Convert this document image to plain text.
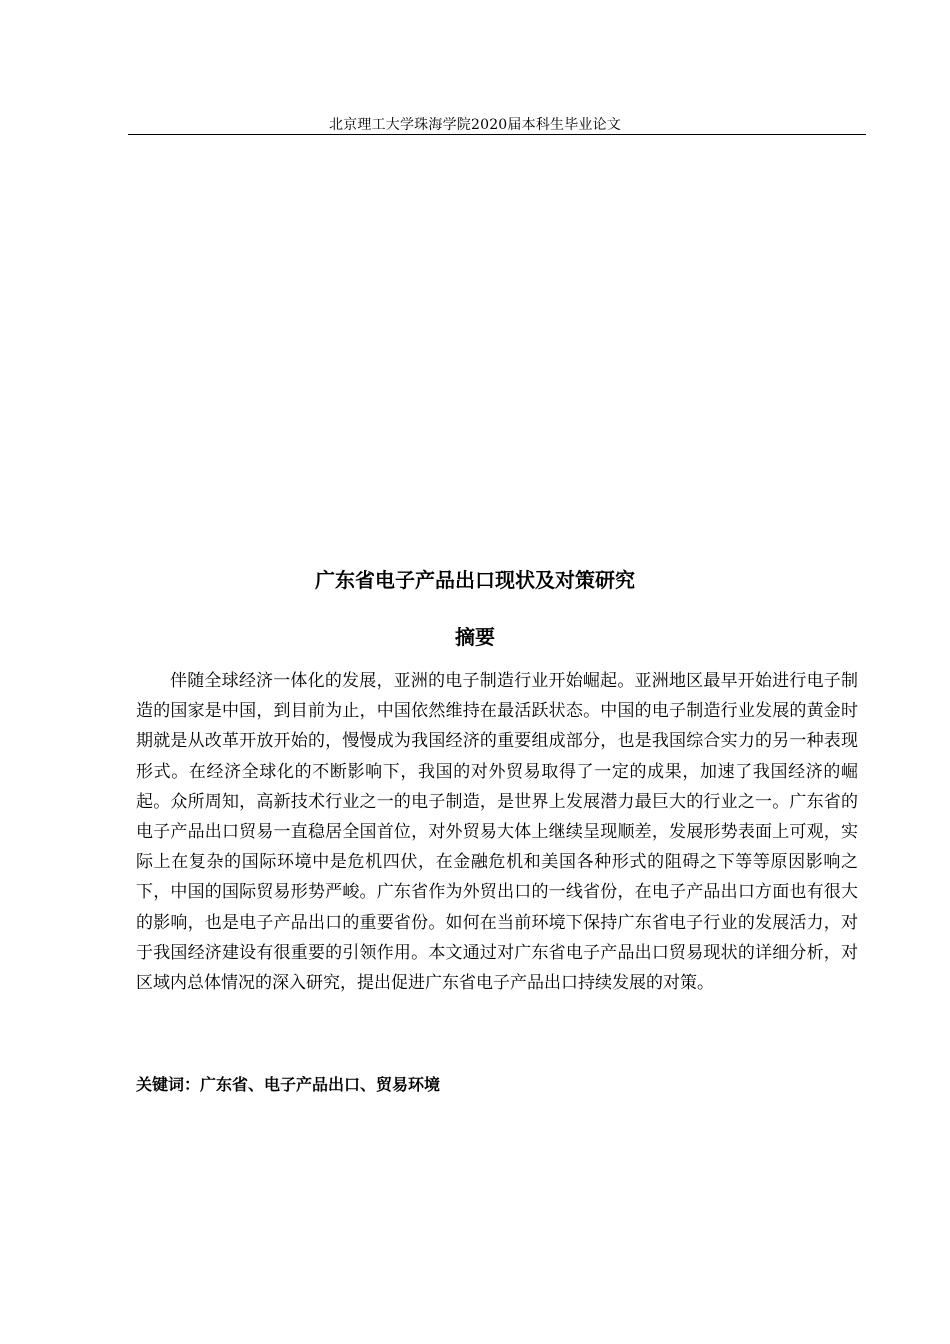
北京理工大学珠海学院2020届本科生毕业论文
广东省电子产品出口现状及对策研究
摘要

伴随全球经济一体化的发展，亚洲的电子制造行业开始崛起。亚洲地区最早开始进行电子制造的国家是中国，到目前为止，中国依然维持在最活跃状态。中国的电子制造行业发展的黄金时期就是从改革开放开始的，慢慢成为我国经济的重要组成部分，也是我国综合实力的另一种表现形式。在经济全球化的不断影响下，我国的对外贸易取得了一定的成果，加速了我国经济的崛起。众所周知，高新技术行业之一的电子制造，是世界上发展潜力最巨大的行业之一。广东省的电子产品出口贸易一直稳居全国首位，对外贸易大体上继续呈现顺差，发展形势表面上可观，实际上在复杂的国际环境中是危机四伏，在金融危机和美国各种形式的阻碍之下等等原因影响之下，中国的国际贸易形势严峻。广东省作为外贸出口的一线省份，在电子产品出口方面也有很大的影响，也是电子产品出口的重要省份。如何在当前环境下保持广东省电子行业的发展活力，对于我国经济建设有很重要的引领作用。本文通过对广东省电子产品出口贸易现状的详细分析，对区域内总体情况的深入研究，提出促进广东省电子产品出口持续发展的对策。

关键词：广东省、电子产品出口、贸易环境
